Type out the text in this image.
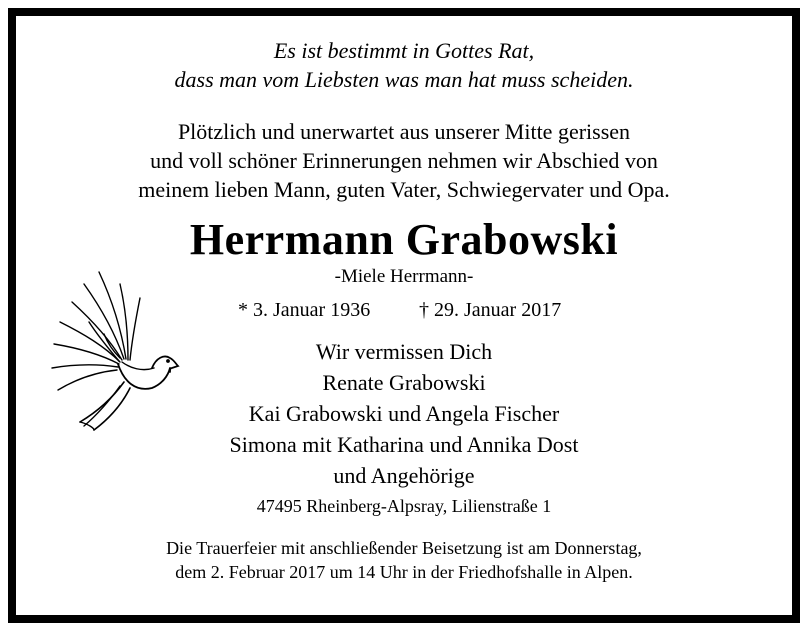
Es ist bestimmt in Gottes Rat,
dass man vom Liebsten was man hat muss scheiden.
Plötzlich und unerwartet aus unserer Mitte gerissen
und voll schöner Erinnerungen nehmen wir Abschied von
meinem lieben Mann, guten Vater, Schwiegervater und Opa.
Herrmann Grabowski
-Miele Herrmann-
* 3. Januar 1936 † 29. Januar 2017
Wir vermissen Dich
Renate Grabowski
Kai Grabowski und Angela Fischer
Simona mit Katharina und Annika Dost
und Angehörige
47495 Rheinberg-Alpsray, Lilienstraße 1
Die Trauerfeier mit anschließender Beisetzung ist am Donnerstag,
dem 2. Februar 2017 um 14 Uhr in der Friedhofshalle in Alpen.
